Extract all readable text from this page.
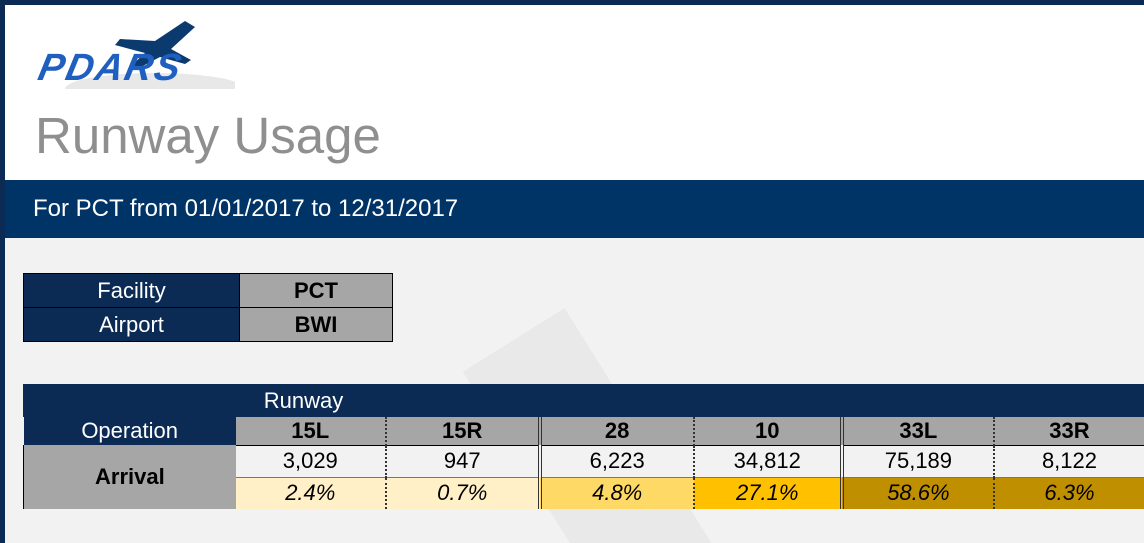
PDARS
Runway Usage
For PCT from 01/01/2017 to 12/31/2017
Facility	PCT
Airport	BWI
	Runway					
Operation	15L	15R	28	10	33L	33R
Arrival	3,029	947	6,223	34,812	75,189	8,122
	2.4%	0.7%	4.8%	27.1%	58.6%	6.3%
